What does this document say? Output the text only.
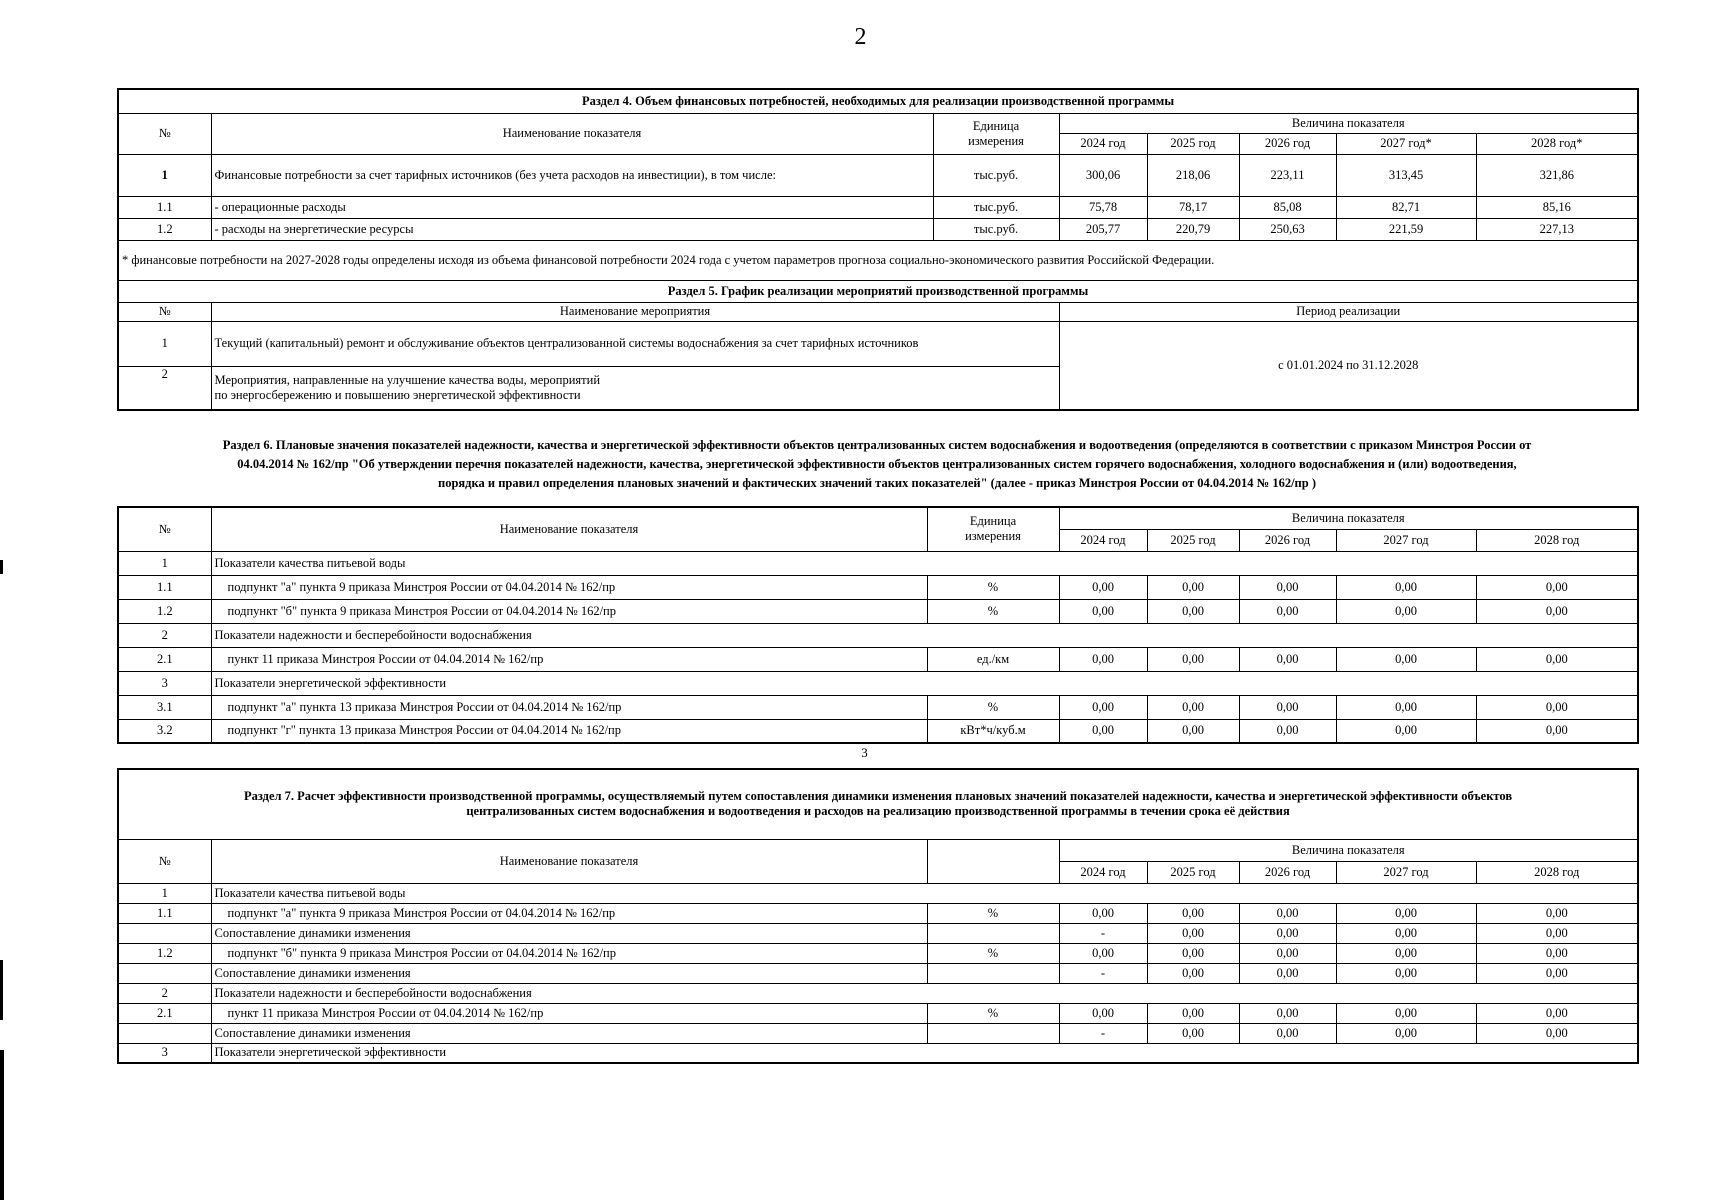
2
Раздел 4. Объем финансовых потребностей, необходимых для реализации производственной программы							
№	Наименование показателя	Единица
измерения	Величина показателя				
			2024 год	2025 год	2026 год	2027 год*	2028 год*
1	Финансовые потребности за счет тарифных источников (без учета расходов на инвестиции), в том числе:	тыс.руб.	300,06	218,06	223,11	313,45	321,86
1.1	- операционные расходы	тыс.руб.	75,78	78,17	85,08	82,71	85,16
1.2	- расходы на энергетические ресурсы	тыс.руб.	205,77	220,79	250,63	221,59	227,13
* финансовые потребности на 2027-2028 годы определены исходя из объема финансовой потребности 2024 года с учетом параметров прогноза социально-экономического развития Российской Федерации.							
Раздел 5. График реализации мероприятий производственной программы							
№	Наименование мероприятия		Период реализации				
1	Текущий (капитальный) ремонт и обслуживание объектов централизованной системы водоснабжения за счет тарифных источников		с 01.01.2024 по 31.12.2028				
2	Мероприятия, направленные на улучшение качества воды, мероприятий
по энергосбережению и повышению энергетической эффективности						
Раздел 6. Плановые значения показателей надежности, качества и энергетической эффективности объектов централизованных систем водоснабжения и водоотведения (определяются в соответствии с приказом Минстроя России от
04.04.2014 № 162/пр "Об утверждении перечня показателей надежности, качества, энергетической эффективности объектов централизованных систем горячего водоснабжения, холодного водоснабжения и (или) водоотведения,
порядка и правил определения плановых значений и фактических значений таких показателей" (далее - приказ Минстроя России от 04.04.2014 № 162/пр )
№	Наименование показателя	Единица
измерения	Величина показателя				
			2024 год	2025 год	2026 год	2027 год	2028 год
1	Показатели качества питьевой воды						
1.1	подпункт "а" пункта 9 приказа Минстроя России от 04.04.2014 № 162/пр	%	0,00	0,00	0,00	0,00	0,00
1.2	подпункт "б" пункта 9 приказа Минстроя России от 04.04.2014 № 162/пр	%	0,00	0,00	0,00	0,00	0,00
2	Показатели надежности и бесперебойности водоснабжения						
2.1	пункт 11 приказа Минстроя России от 04.04.2014 № 162/пр	ед./км	0,00	0,00	0,00	0,00	0,00
3	Показатели энергетической эффективности						
3.1	подпункт "а" пункта 13 приказа Минстроя России от 04.04.2014 № 162/пр	%	0,00	0,00	0,00	0,00	0,00
3.2	подпункт "г" пункта 13 приказа Минстроя России от 04.04.2014 № 162/пр	кВт*ч/куб.м	0,00	0,00	0,00	0,00	0,00
3
Раздел 7. Расчет эффективности производственной программы, осуществляемый путем сопоставления динамики изменения плановых значений показателей надежности, качества и энергетической эффективности объектов
централизованных систем водоснабжения и водоотведения и расходов на реализацию производственной программы в течении срока её действия							

№	Наименование показателя		Величина показателя				
			2024 год	2025 год	2026 год	2027 год	2028 год
1	Показатели качества питьевой воды						
1.1	подпункт "а" пункта 9 приказа Минстроя России от 04.04.2014 № 162/пр	%	0,00	0,00	0,00	0,00	0,00
	Сопоставление динамики изменения		-	0,00	0,00	0,00	0,00
1.2	подпункт "б" пункта 9 приказа Минстроя России от 04.04.2014 № 162/пр	%	0,00	0,00	0,00	0,00	0,00
	Сопоставление динамики изменения		-	0,00	0,00	0,00	0,00
2	Показатели надежности и бесперебойности водоснабжения						
2.1	пункт 11 приказа Минстроя России от 04.04.2014 № 162/пр	%	0,00	0,00	0,00	0,00	0,00
	Сопоставление динамики изменения		-	0,00	0,00	0,00	0,00
3	Показатели энергетической эффективности						
